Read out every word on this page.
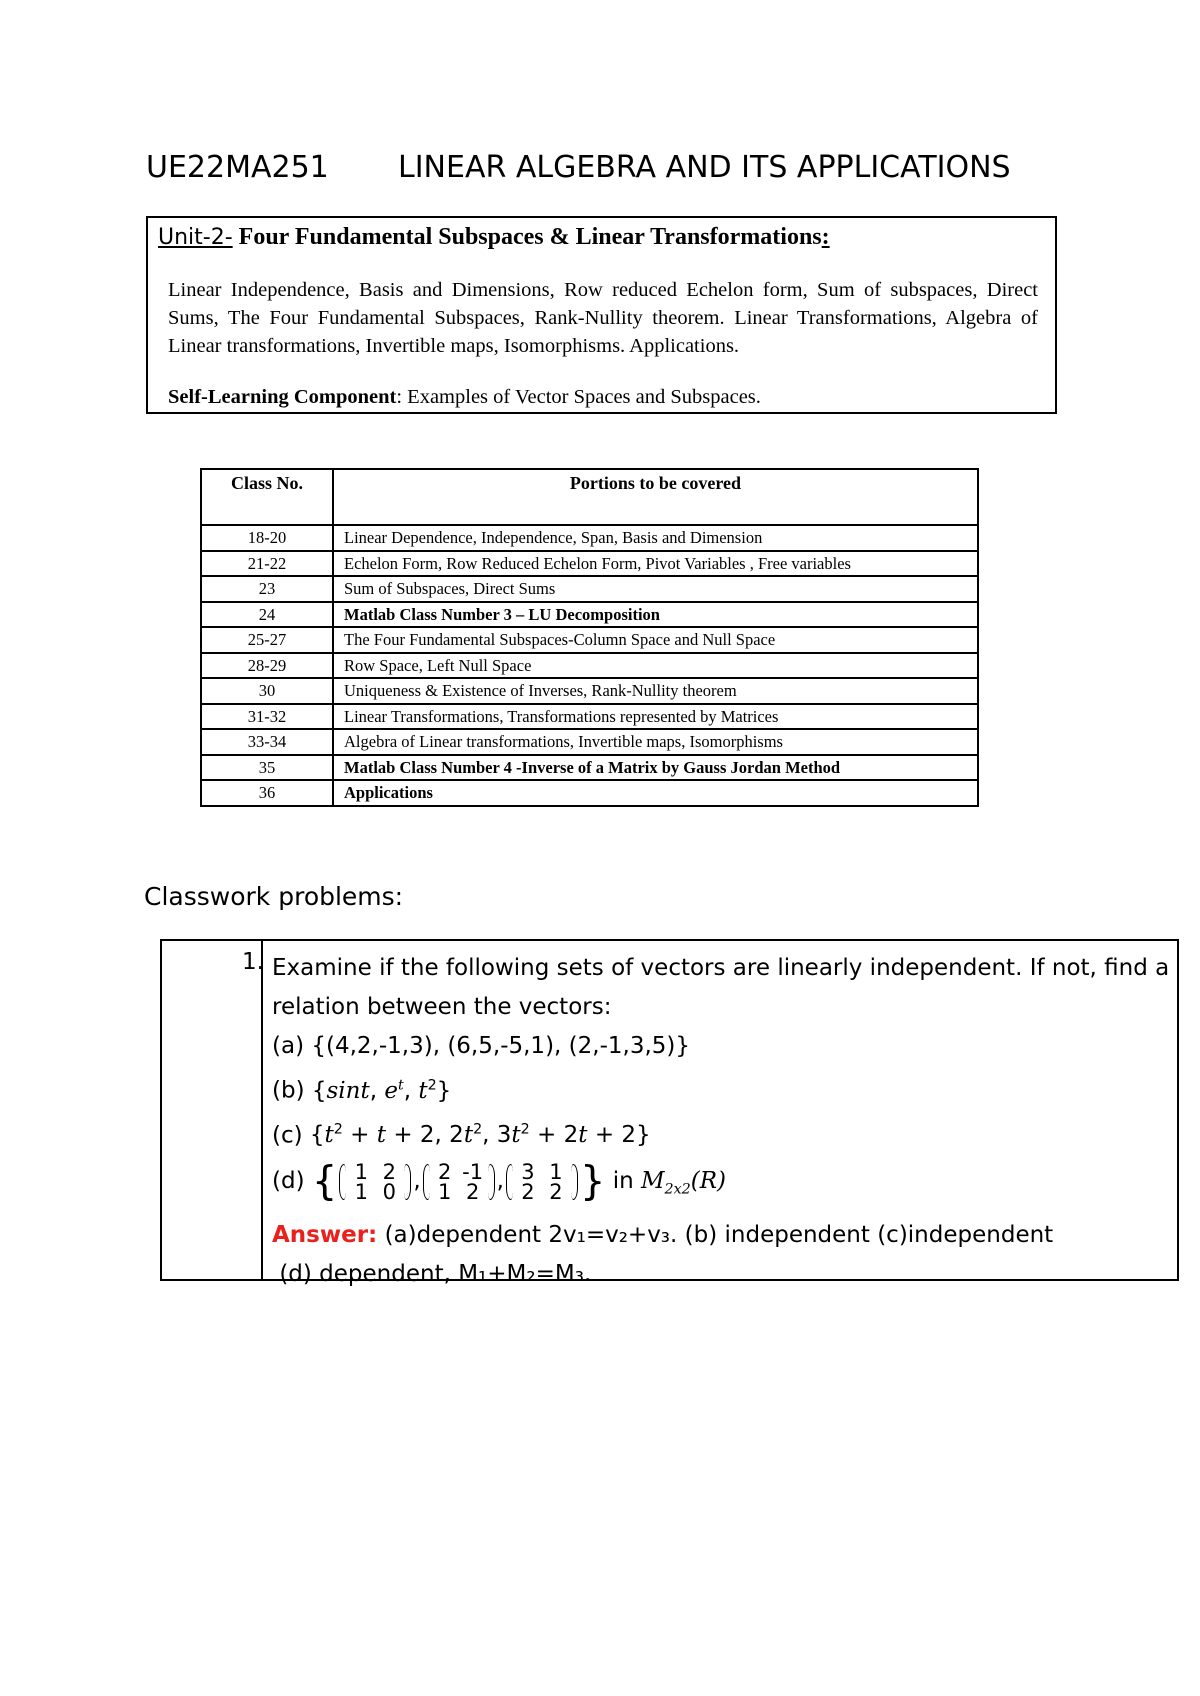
UE22MA251 LINEAR ALGEBRA AND ITS APPLICATIONS
Unit-2- Four Fundamental Subspaces & Linear Transformations:
Linear Independence, Basis and Dimensions, Row reduced Echelon form, Sum of subspaces, Direct Sums, The Four Fundamental Subspaces, Rank-Nullity theorem. Linear Transformations, Algebra of Linear transformations, Invertible maps, Isomorphisms. Applications.
Self-Learning Component: Examples of Vector Spaces and Subspaces.
Class No.	Portions to be covered
18-20	Linear Dependence, Independence, Span, Basis and Dimension
21-22	Echelon Form, Row Reduced Echelon Form, Pivot Variables , Free variables
23	Sum of Subspaces, Direct Sums
24	Matlab Class Number 3 – LU Decomposition
25-27	The Four Fundamental Subspaces-Column Space and Null Space
28-29	Row Space, Left Null Space
30	Uniqueness & Existence of Inverses, Rank-Nullity theorem
31-32	Linear Transformations, Transformations represented by Matrices
33-34	Algebra of Linear transformations, Invertible maps, Isomorphisms
35	Matlab Class Number 4 -Inverse of a Matrix by Gauss Jordan Method
36	Applications
Classwork problems:
1. Examine if the following sets of vectors are linearly independent. If not, find a
relation between the vectors:
(a) {(4,2,-1,3), (6,5,-5,1), (2,-1,3,5)}
(b) {sint, $e^t$, $t^2$}
(c) {$t^2 + t + 2$, $2t^2$, $3t^2 + 2t + 2$}
(d) { 1 2
1 0 , 2 -1
1 2 , 3 1
2 2 } in $M_{2x2}(R)$
Answer: (a)dependent 2v₁=v₂+v₃. (b) independent (c)independent
(d) dependent, M₁+M₂=M₃.
